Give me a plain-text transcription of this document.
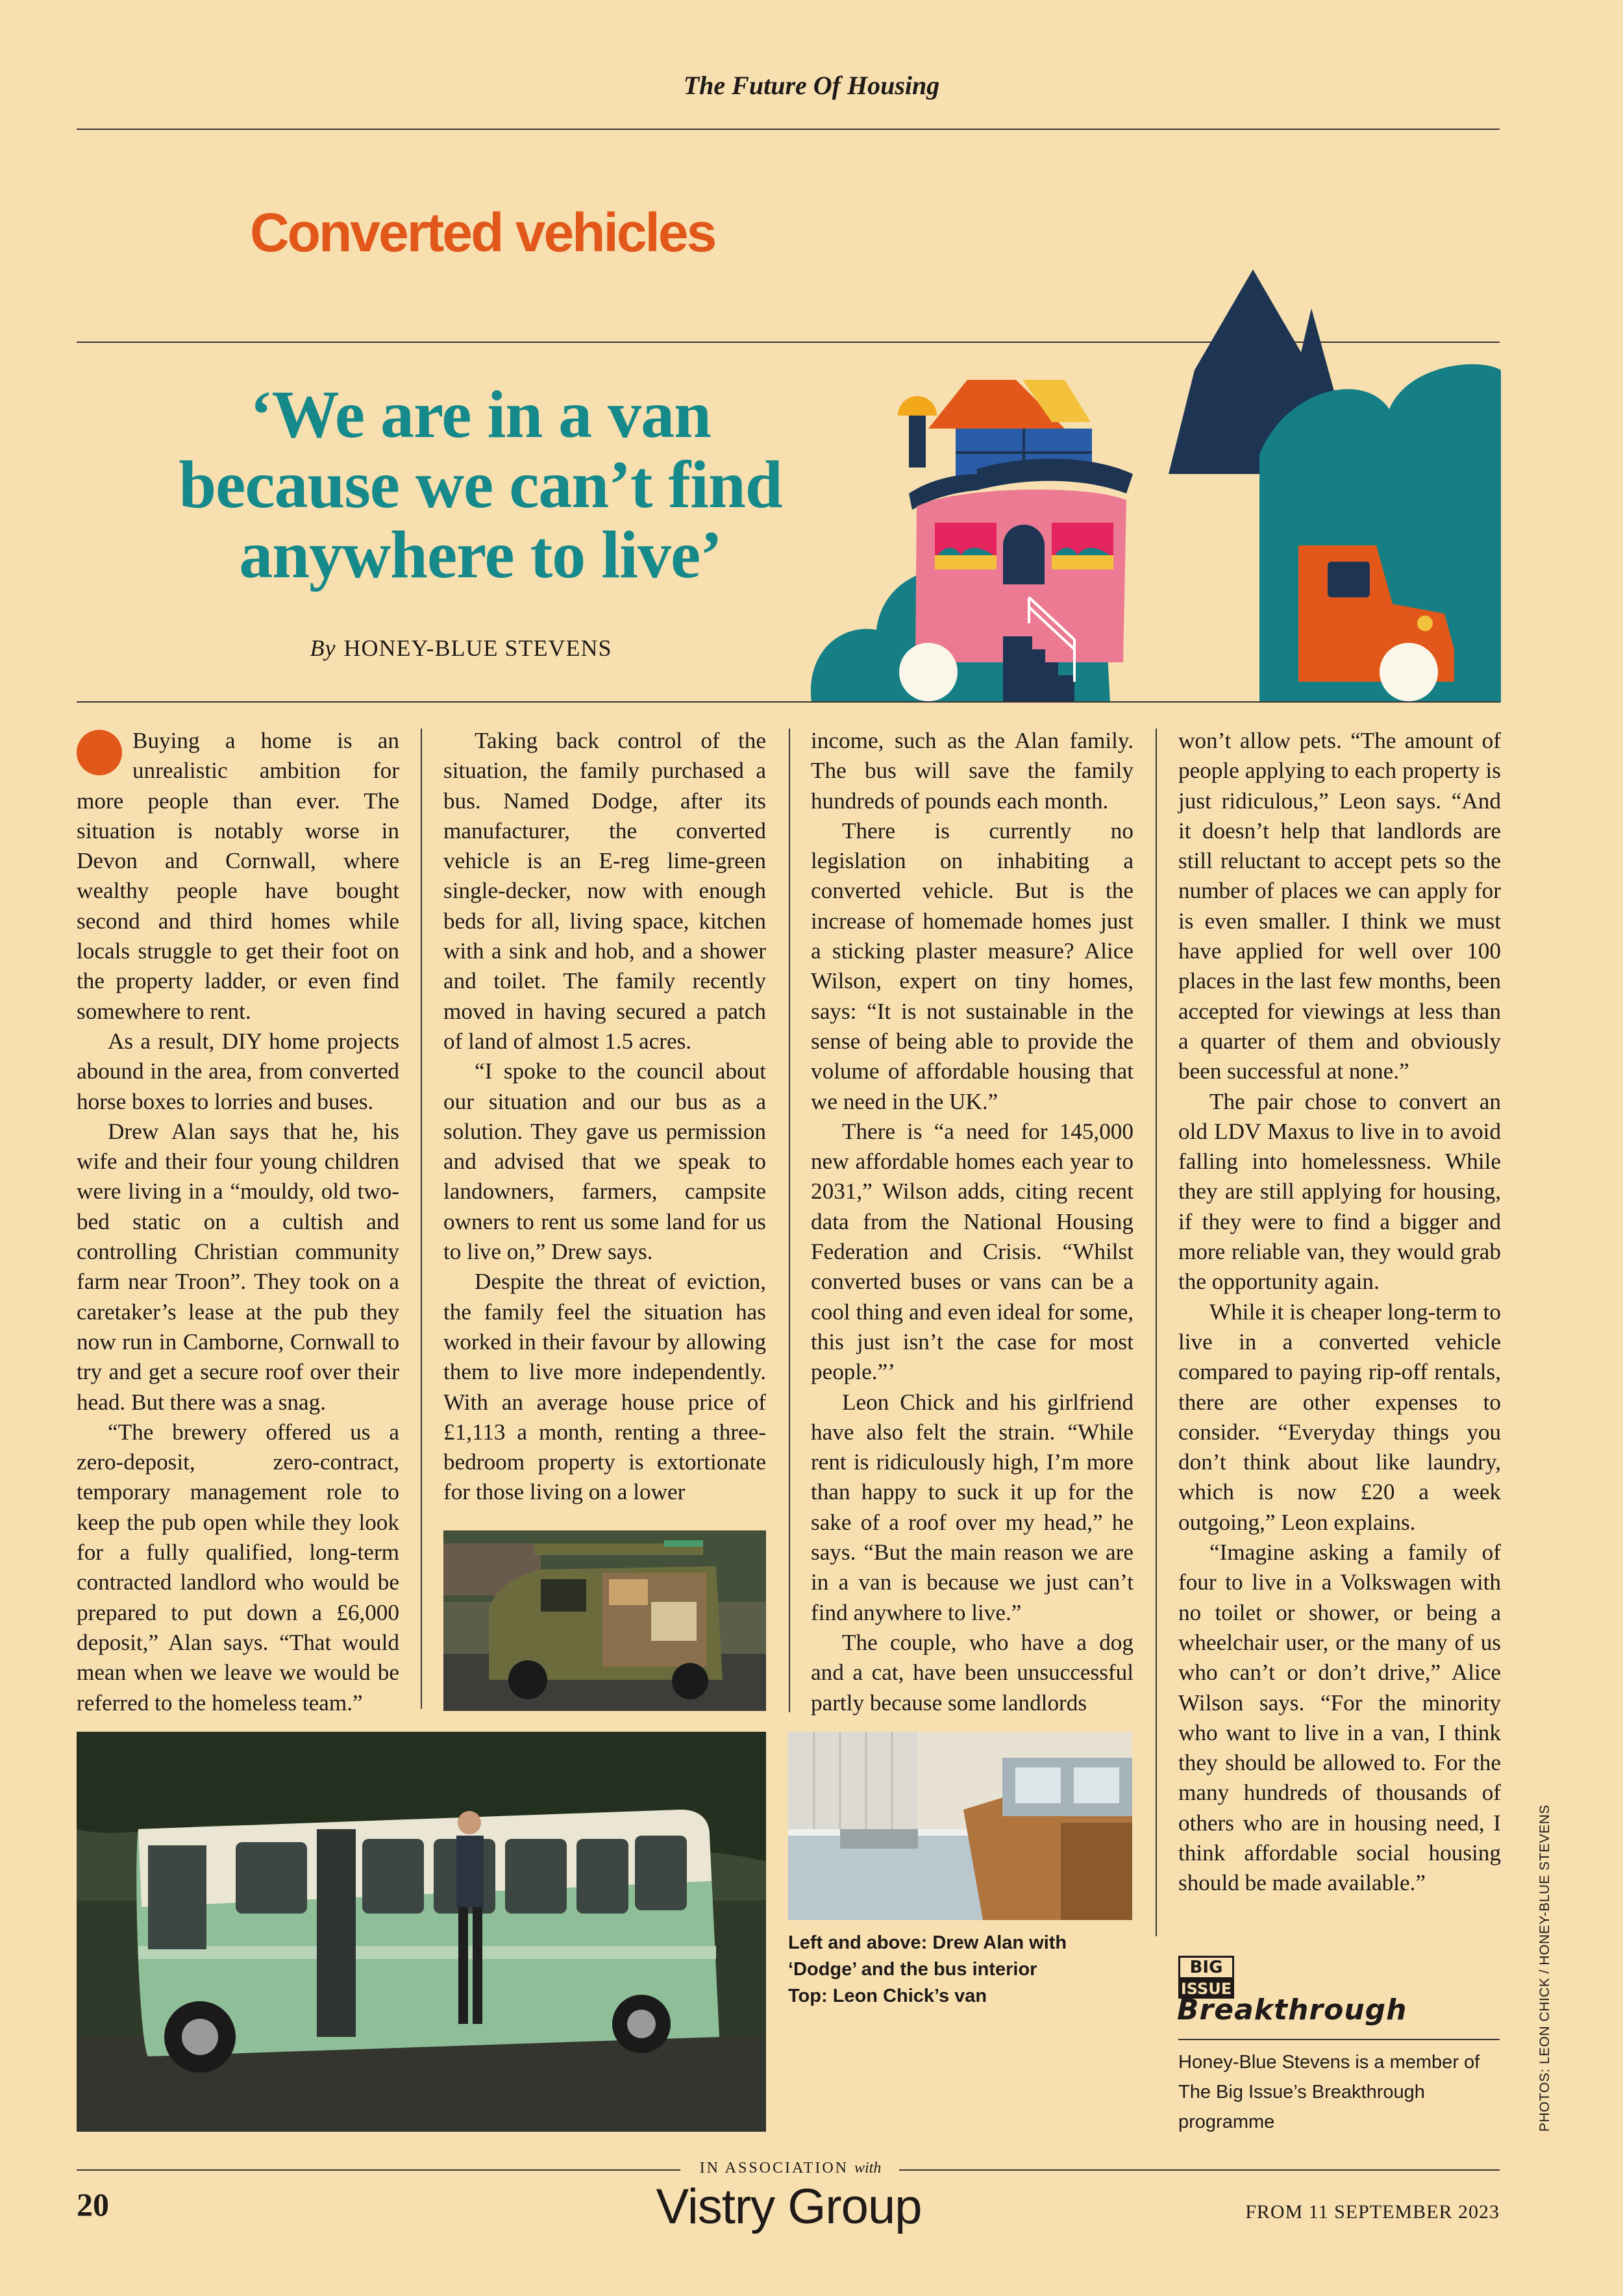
The Future Of Housing
Converted vehicles
‘We are in a van
because we can’t find
anywhere to live’
By HONEY-BLUE STEVENS

Buying a home is an unrealistic ambition for more people than ever. The situation is notably worse in Devon and Cornwall, where wealthy people have bought second and third homes while locals struggle to get their foot on the property ladder, or even find somewhere to rent.

As a result, DIY home projects abound in the area, from converted horse boxes to lorries and buses.

Drew Alan says that he, his wife and their four young children were living in a “mouldy, old two-bed static on a cultish and controlling Christian community farm near Troon”. They took on a caretaker’s lease at the pub they now run in Camborne, Cornwall to try and get a secure roof over their head. But there was a snag.

“The brewery offered us a zero-deposit, zero-contract, temporary management role to keep the pub open while they look for a fully qualified, long-term contracted landlord who would be prepared to put down a £6,000 deposit,” Alan says. “That would mean when we leave we would be referred to the homeless team.”

Taking back control of the situation, the family purchased a bus. Named Dodge, after its manufacturer, the converted vehicle is an E-reg lime-green single-decker, now with enough beds for all, living space, kitchen with a sink and hob, and a shower and toilet. The family recently moved in having secured a patch of land of almost 1.5 acres.

“I spoke to the council about our situation and our bus as a solution. They gave us permission and advised that we speak to landowners, farmers, campsite owners to rent us some land for us to live on,” Drew says.

Despite the threat of eviction, the family feel the situation has worked in their favour by allowing them to live more independently. With an average house price of £1,113 a month, renting a three-bedroom property is extortionate for those living on a lower

income, such as the Alan family. The bus will save the family hundreds of pounds each month.

There is currently no legislation on inhabiting a converted vehicle. But is the increase of homemade homes just a sticking plaster measure? Alice Wilson, expert on tiny homes, says: “It is not sustainable in the sense of being able to provide the volume of affordable housing that we need in the UK.”

There is “a need for 145,000 new affordable homes each year to 2031,” Wilson adds, citing recent data from the National Housing Federation and Crisis. “Whilst converted buses or vans can be a cool thing and even ideal for some, this just isn’t the case for most people.”’

Leon Chick and his girlfriend have also felt the strain. “While rent is ridiculously high, I’m more than happy to suck it up for the sake of a roof over my head,” he says. “But the main reason we are in a van is because we just can’t find anywhere to live.”

The couple, who have a dog and a cat, have been unsuccessful partly because some landlords

won’t allow pets. “The amount of people applying to each property is just ridiculous,” Leon says. “And it doesn’t help that landlords are still reluctant to accept pets so the number of places we can apply for is even smaller. I think we must have applied for well over 100 places in the last few months, been accepted for viewings at less than a quarter of them and obviously been successful at none.”

The pair chose to convert an old LDV Maxus to live in to avoid falling into homelessness. While they are still applying for housing, if they were to find a bigger and more reliable van, they would grab the opportunity again.

While it is cheaper long-term to live in a converted vehicle compared to paying rip-off rentals, there are other expenses to consider. “Everyday things you don’t think about like laundry, which is now £20 a week outgoing,” Leon explains.

“Imagine asking a family of four to live in a Volkswagen with no toilet or shower, or being a wheelchair user, or the many of us who can’t or don’t drive,” Alice Wilson says. “For the minority who want to live in a van, I think they should be allowed to. For the many hundreds of thousands of others who are in housing need, I think affordable social housing should be made available.”

Left and above: Drew Alan with
‘Dodge’ and the bus interior
Top: Leon Chick’s van
BIG
ISSUE
Breakthrough
Honey-Blue Stevens is a member of The Big Issue’s Breakthrough programme	PHOTOS: LEON CHICK / HONEY-BLUE STEVENS
IN ASSOCIATION with
20	Vistry Group	FROM 11 SEPTEMBER 2023
